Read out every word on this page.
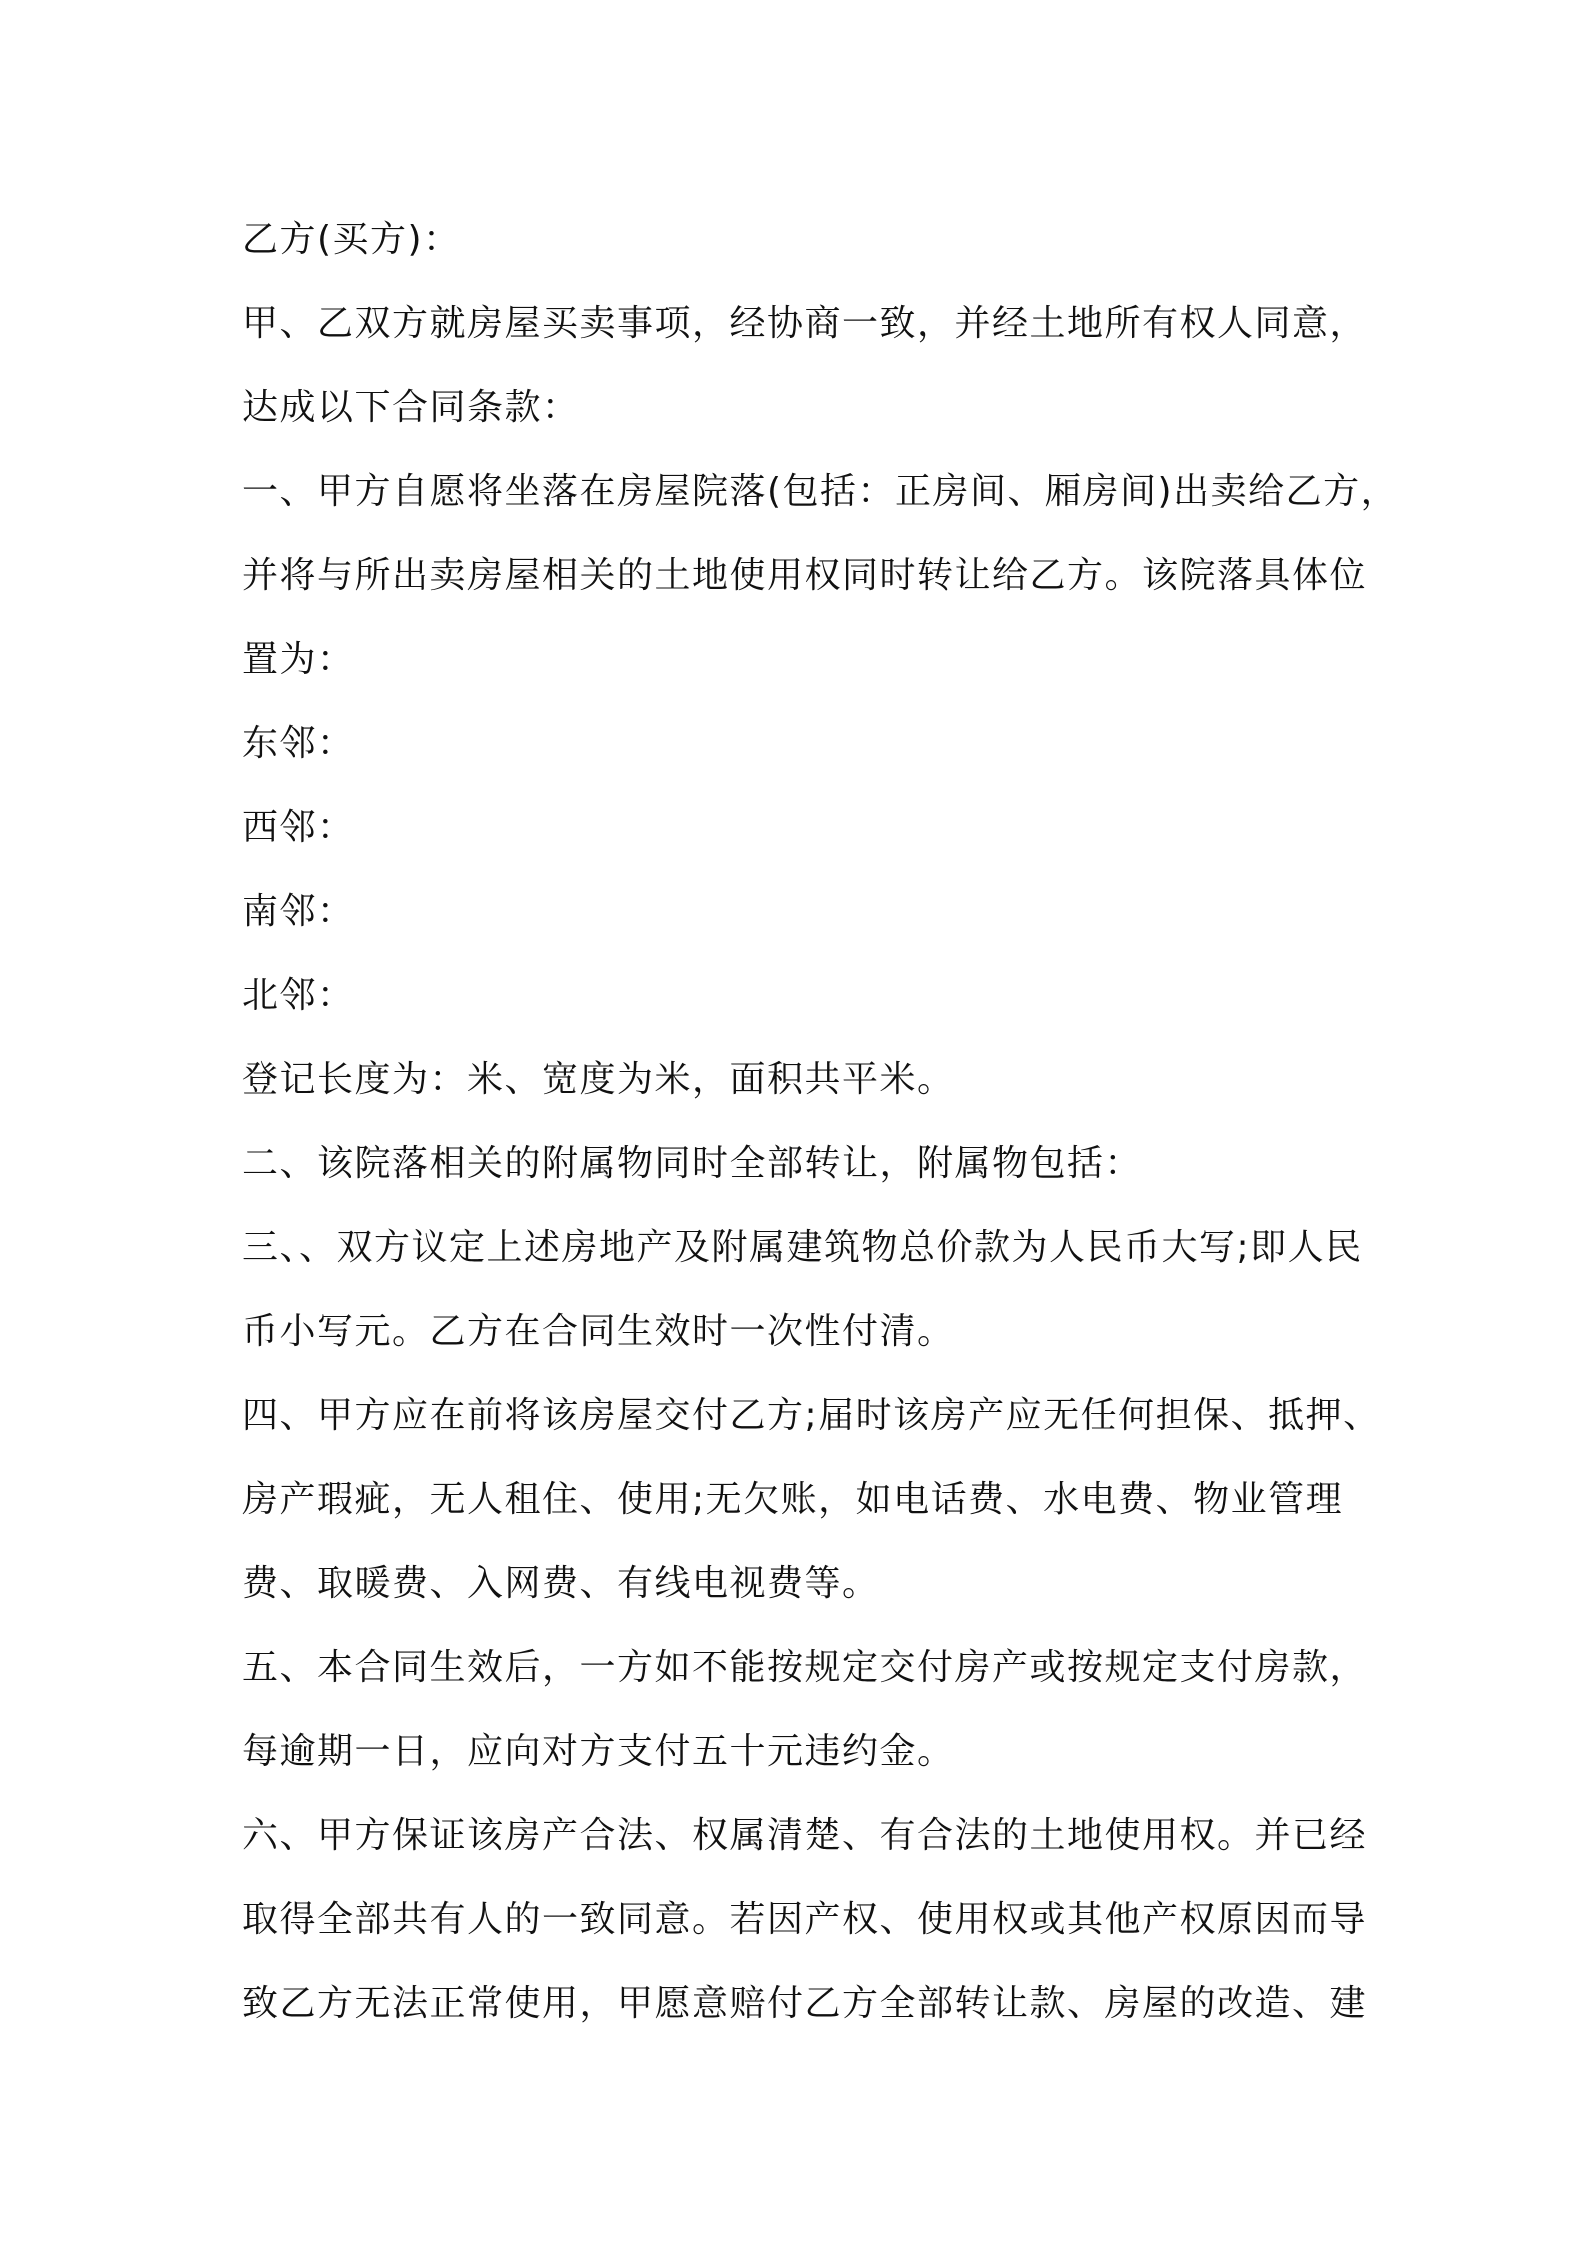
乙方(买方)：
甲、乙双方就房屋买卖事项，经协商一致，并经土地所有权人同意，
达成以下合同条款：
一、甲方自愿将坐落在房屋院落(包括：正房间、厢房间)出卖给乙方，
并将与所出卖房屋相关的土地使用权同时转让给乙方。该院落具体位
置为：
东邻：
西邻：
南邻：
北邻：
登记长度为：米、宽度为米，面积共平米。
二、该院落相关的附属物同时全部转让，附属物包括：
三、、双方议定上述房地产及附属建筑物总价款为人民币大写;即人民
币小写元。乙方在合同生效时一次性付清。
四、甲方应在前将该房屋交付乙方;届时该房产应无任何担保、抵押、
房产瑕疵，无人租住、使用;无欠账，如电话费、水电费、物业管理
费、取暖费、入网费、有线电视费等。
五、本合同生效后，一方如不能按规定交付房产或按规定支付房款，
每逾期一日，应向对方支付五十元违约金。
六、甲方保证该房产合法、权属清楚、有合法的土地使用权。并已经
取得全部共有人的一致同意。若因产权、使用权或其他产权原因而导
致乙方无法正常使用，甲愿意赔付乙方全部转让款、房屋的改造、建
